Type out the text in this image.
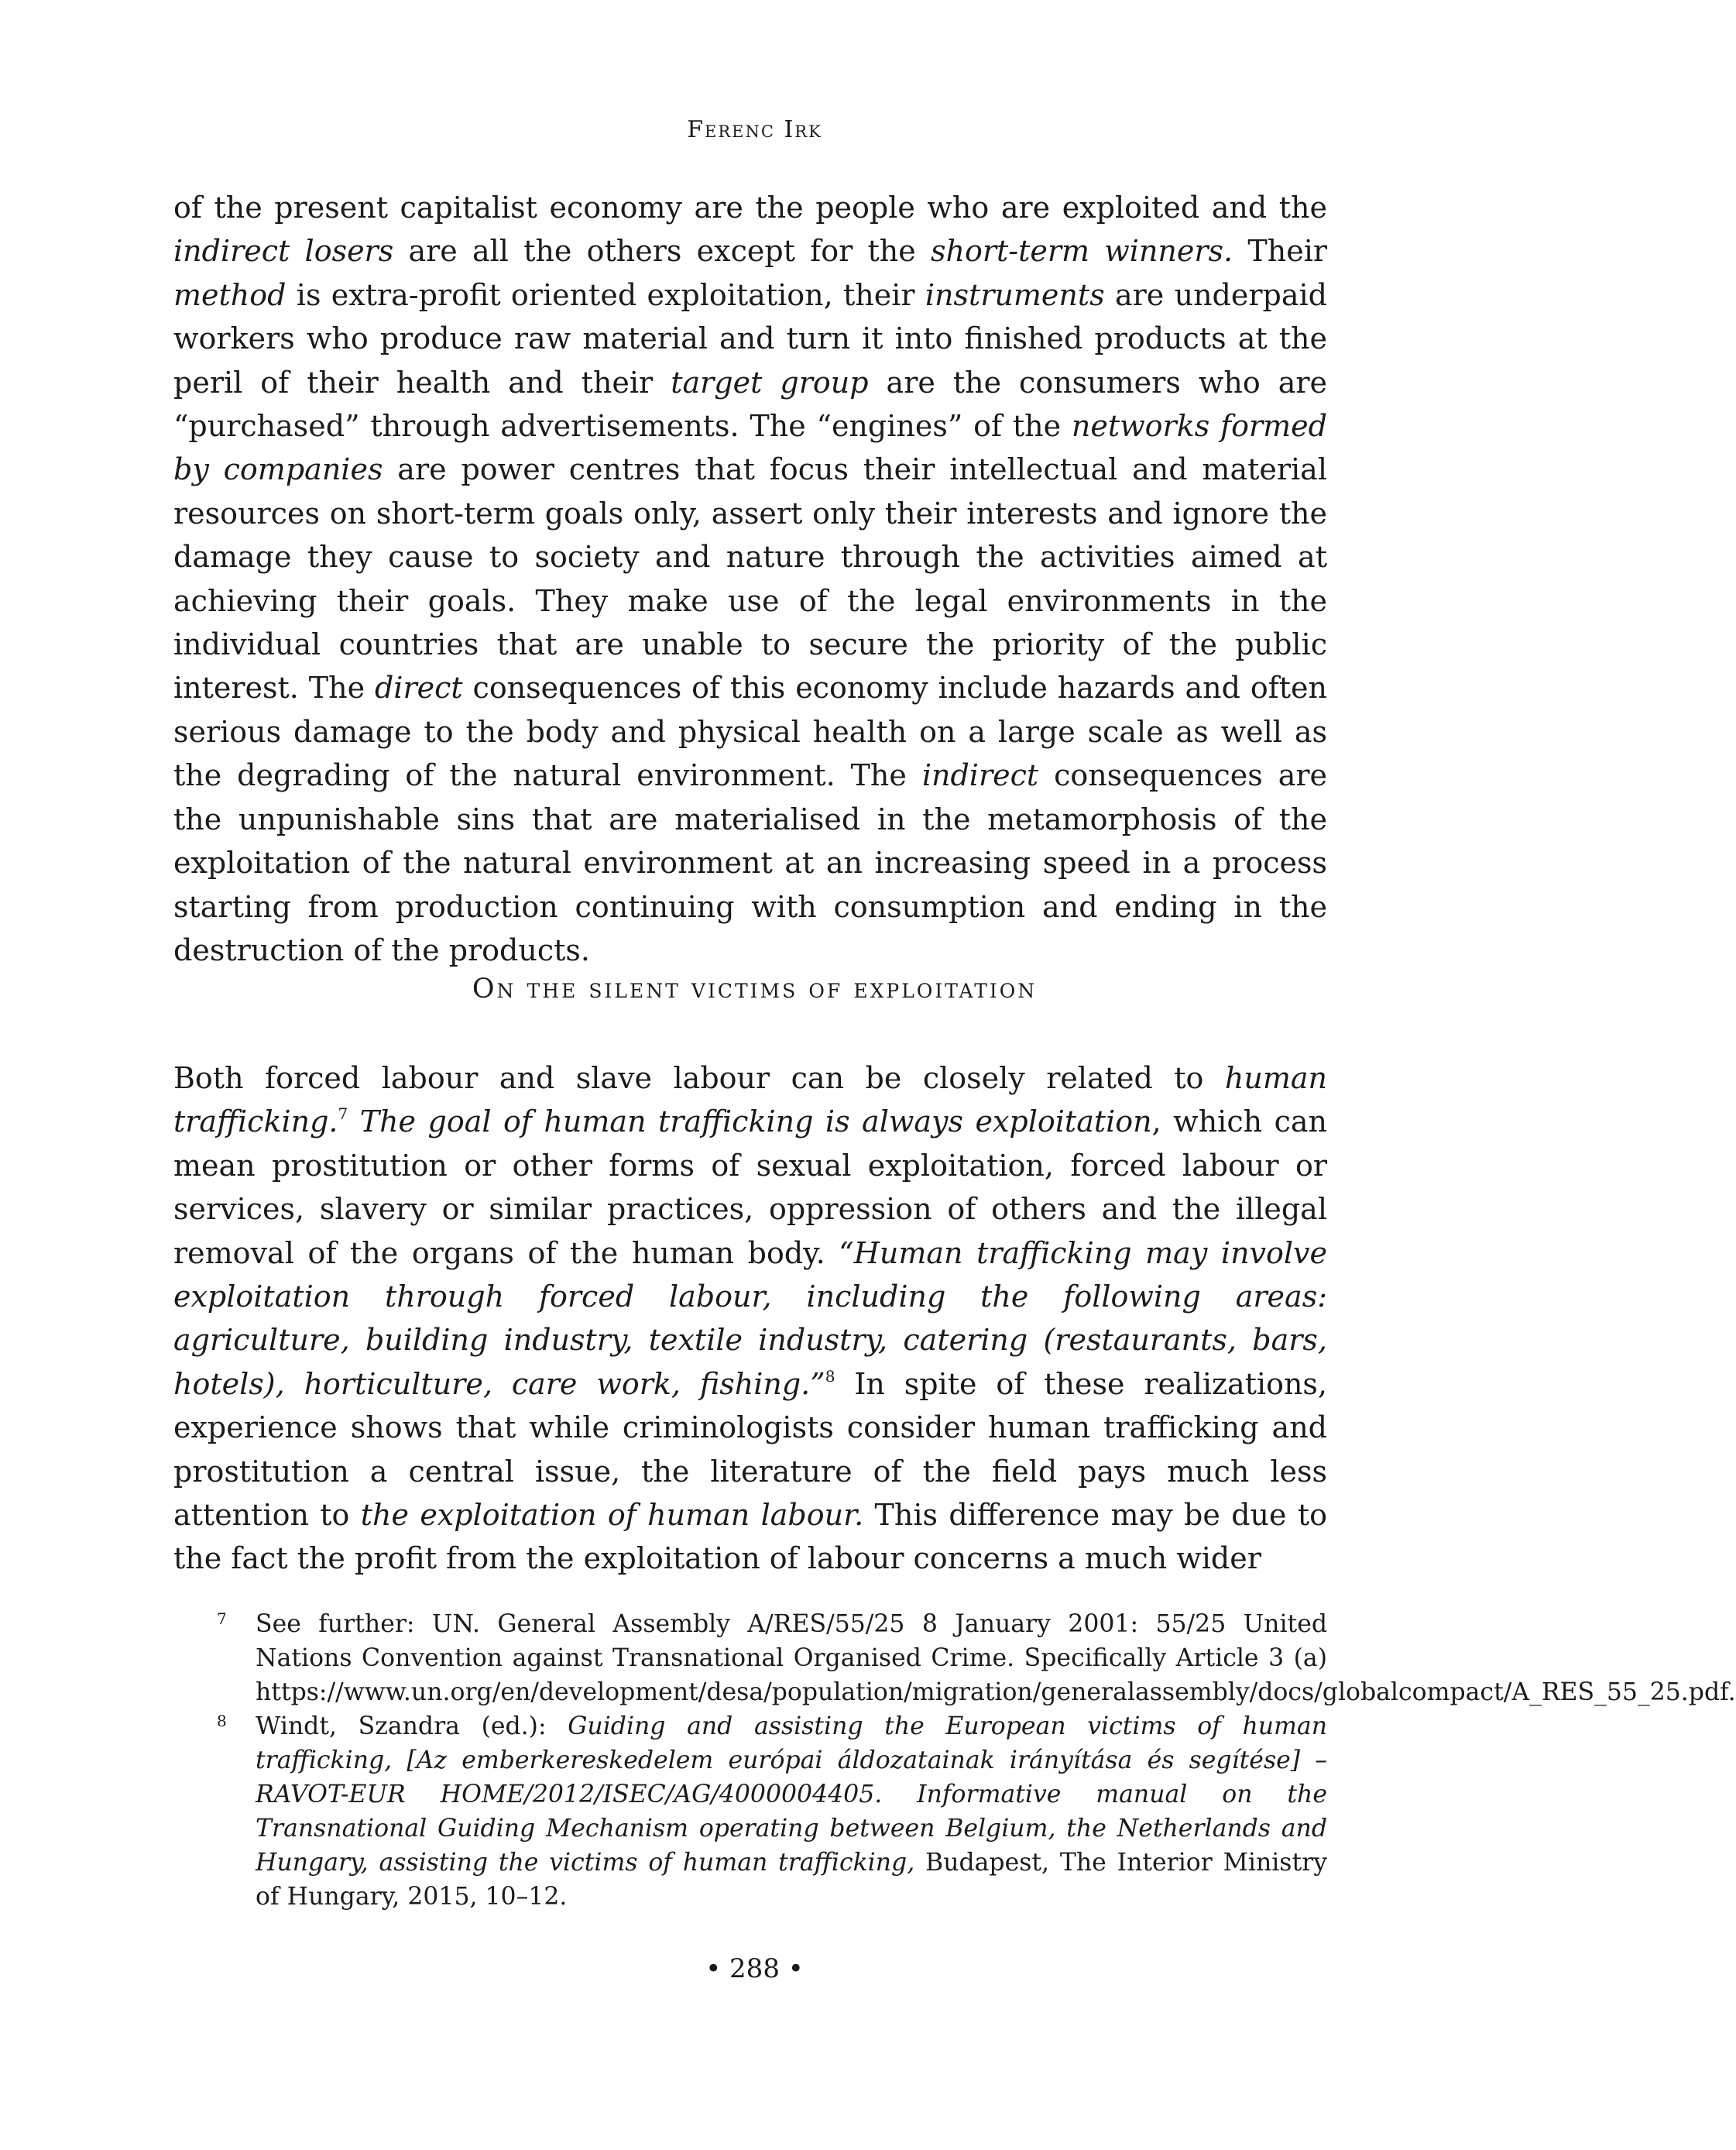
Ferenc Irk

of the present capitalist economy are the people who are exploited and the indirect losers are all the others except for the short-term winners. Their method is extra-profit oriented exploitation, their instruments are underpaid workers who produce raw material and turn it into finished products at the peril of their health and their target group are the consumers who are “purchased” through advertisements. The “engines” of the networks formed by companies are power centres that focus their intellectual and material resources on short-term goals only, assert only their interests and ignore the damage they cause to society and nature through the activities aimed at achieving their goals. They make use of the legal environments in the individual countries that are unable to secure the priority of the public interest. The direct consequences of this economy include hazards and often serious damage to the body and physical health on a large scale as well as the degrading of the natural environment. The indirect consequences are the unpunishable sins that are materialised in the metamorphosis of the exploitation of the natural environment at an increasing speed in a process starting from production continuing with consumption and ending in the destruction of the products.

On the silent victims of exploitation

Both forced labour and slave labour can be closely related to human trafficking.$^7$ The goal of human trafficking is always exploitation, which can mean prostitution or other forms of sexual exploitation, forced labour or services, slavery or similar practices, oppression of others and the illegal removal of the organs of the human body. “Human trafficking may involve exploitation through forced labour, including the following areas: agriculture, building industry, textile industry, catering (restaurants, bars, hotels), horticulture, care work, fishing.”$^8$ In spite of these realizations, experience shows that while criminologists consider human trafficking and prostitution a central issue, the literature of the field pays much less attention to the exploitation of human labour. This difference may be due to the fact the profit from the exploitation of labour concerns a much wider

7 See further: UN. General Assembly A/RES/55/25 8 January 2001: 55/25 United Nations Convention against Transnational Organised Crime. Specifically Article 3 (a) https://www.un.org/en/development/desa/population/migration/generalassembly/docs/globalcompact/A_RES_55_25.pdf.
8 Windt, Szandra (ed.): Guiding and assisting the European victims of human trafficking, [Az emberkereskedelem európai áldozatainak irányítása és segítése] – RAVOT-EUR HOME/2012/ISEC/AG/4000004405. Informative manual on the Transnational Guiding Mechanism operating between Belgium, the Netherlands and Hungary, assisting the victims of human trafficking, Budapest, The Interior Ministry of Hungary, 2015, 10–12.
• 288 •
